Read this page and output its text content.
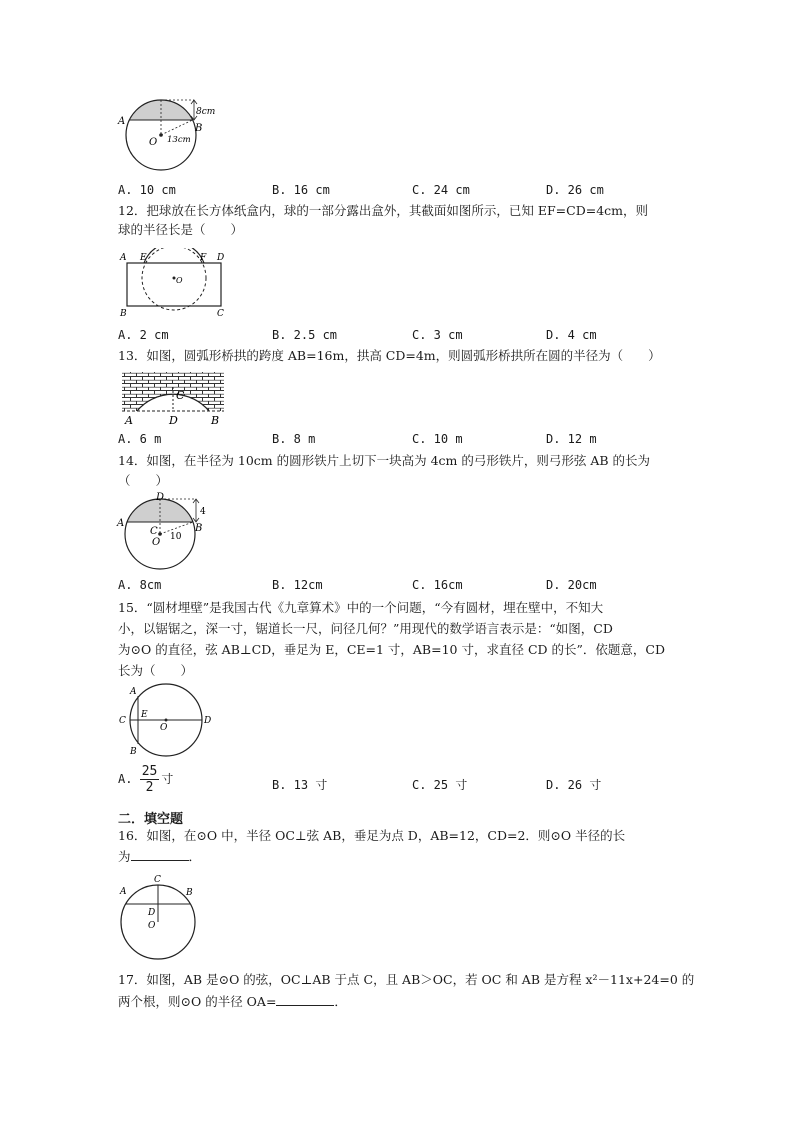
A
B
O
8cm
13cm
A. 10 cm	B. 16 cm	C. 24 cm	D. 26 cm
12．把球放在长方体纸盒内，球的一部分露出盒外，其截面如图所示，已知 EF=CD=4cm，则
球的半径长是（　　）
A E	F D
O
B	C
A. 2 cm	B. 2.5 cm	C. 3 cm	D. 4 cm
13．如图，圆弧形桥拱的跨度 AB=16m，拱高 CD=4m，则圆弧形桥拱所在圆的半径为（　　）
C
A	D	B
A. 6 m	B. 8 m	C. 10 m	D. 12 m
14．如图，在半径为 10cm 的圆形铁片上切下一块高为 4cm 的弓形铁片，则弓形弦 AB 的长为
（　　）
D
A	B
C
O
4
10
A. 8cm	B. 12cm	C. 16cm	D. 20cm
15．“圆材埋壁”是我国古代《九章算术》中的一个问题，“今有圆材，埋在壁中，不知大
小，以锯锯之，深一寸，锯道长一尺，问径几何？”用现代的数学语言表示是：“如图，CD
为⊙O 的直径，弦 AB⊥CD，垂足为 E，CE=1 寸，AB=10 寸，求直径 CD 的长”．依题意，CD
长为（　　）
A
C
E
O
D
B
A. $\frac{25}{2}$ 寸	B. 13 寸	C. 25 寸	D. 26 寸
二．填空题
16．如图，在⊙O 中，半径 OC⊥弦 AB，垂足为点 D，AB=12，CD=2．则⊙O 半径的长
为	．
A
C
B
D
O
17．如图，AB 是⊙O 的弦，OC⊥AB 于点 C，且 AB＞OC，若 OC 和 AB 是方程 x²－11x+24=0 的
两个根，则⊙O 的半径 OA=	．
